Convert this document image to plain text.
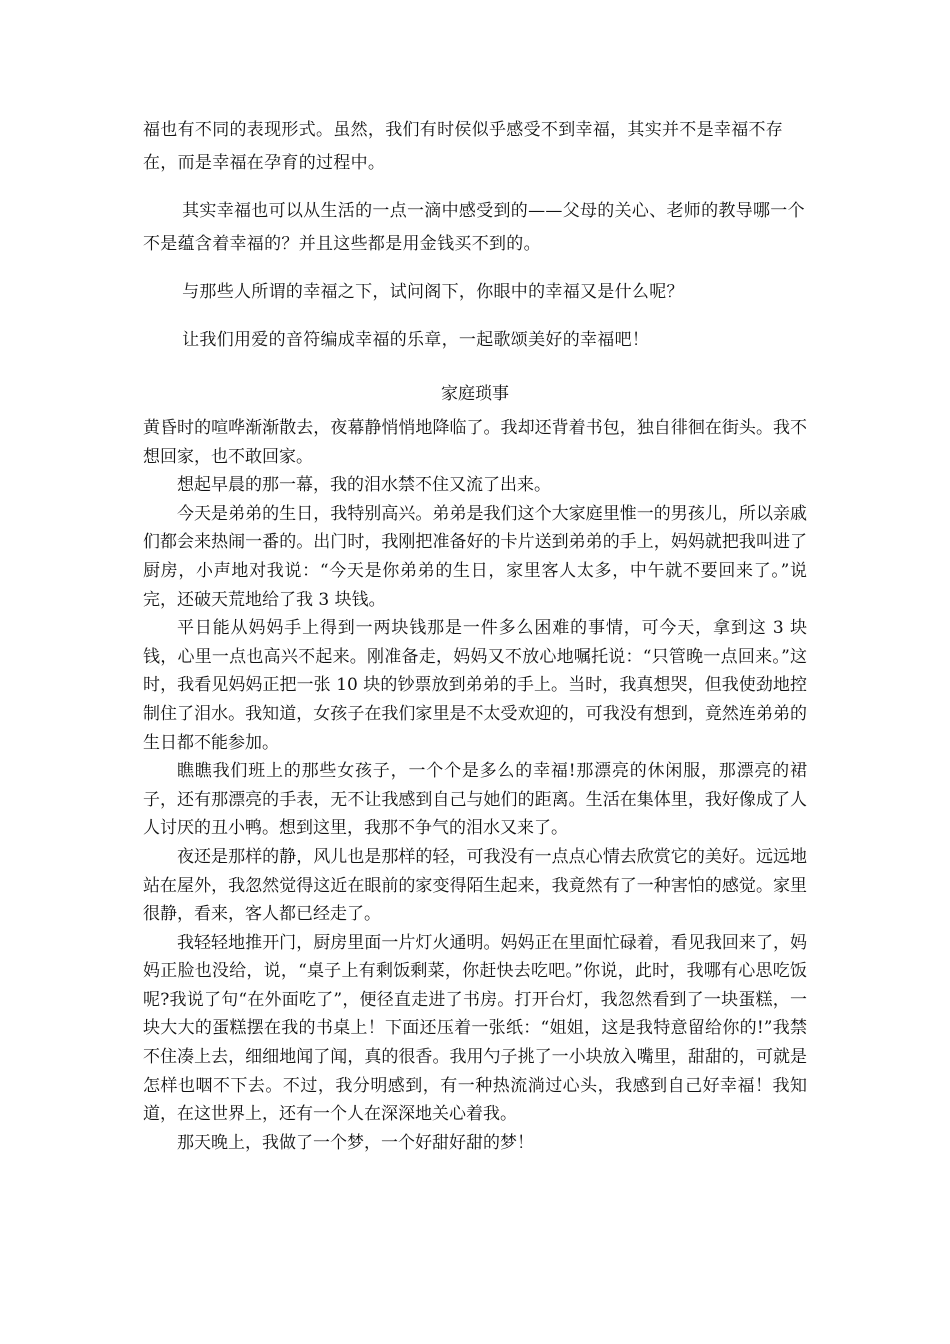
福也有不同的表现形式。虽然，我们有时侯似乎感受不到幸福，其实并不是幸福不存在，而是幸福在孕育的过程中。

其实幸福也可以从生活的一点一滴中感受到的——父母的关心、老师的教导哪一个不是蕴含着幸福的？并且这些都是用金钱买不到的。

与那些人所谓的幸福之下，试问阁下，你眼中的幸福又是什么呢？

让我们用爱的音符编成幸福的乐章，一起歌颂美好的幸福吧！

家庭琐事

黄昏时的喧哗渐渐散去，夜幕静悄悄地降临了。我却还背着书包，独自徘徊在街头。我不想回家，也不敢回家。

想起早晨的那一幕，我的泪水禁不住又流了出来。

今天是弟弟的生日，我特别高兴。弟弟是我们这个大家庭里惟一的男孩儿，所以亲戚们都会来热闹一番的。出门时，我刚把准备好的卡片送到弟弟的手上，妈妈就把我叫进了厨房，小声地对我说：“今天是你弟弟的生日，家里客人太多，中午就不要回来了。”说完，还破天荒地给了我 3 块钱。

平日能从妈妈手上得到一两块钱那是一件多么困难的事情，可今天，拿到这 3 块钱，心里一点也高兴不起来。刚准备走，妈妈又不放心地嘱托说：“只管晚一点回来。”这时，我看见妈妈正把一张 10 块的钞票放到弟弟的手上。当时，我真想哭，但我使劲地控制住了泪水。我知道，女孩子在我们家里是不太受欢迎的，可我没有想到，竟然连弟弟的生日都不能参加。

瞧瞧我们班上的那些女孩子，一个个是多么的幸福!那漂亮的休闲服，那漂亮的裙子，还有那漂亮的手表，无不让我感到自己与她们的距离。生活在集体里，我好像成了人人讨厌的丑小鸭。想到这里，我那不争气的泪水又来了。

夜还是那样的静，风儿也是那样的轻，可我没有一点点心情去欣赏它的美好。远远地站在屋外，我忽然觉得这近在眼前的家变得陌生起来，我竟然有了一种害怕的感觉。家里很静，看来，客人都已经走了。

我轻轻地推开门，厨房里面一片灯火通明。妈妈正在里面忙碌着，看见我回来了，妈妈正脸也没给，说，“桌子上有剩饭剩菜，你赶快去吃吧。”你说，此时，我哪有心思吃饭呢?我说了句“在外面吃了”，便径直走进了书房。打开台灯，我忽然看到了一块蛋糕，一块大大的蛋糕摆在我的书桌上！下面还压着一张纸：“姐姐，这是我特意留给你的!”我禁不住凑上去，细细地闻了闻，真的很香。我用勺子挑了一小块放入嘴里，甜甜的，可就是怎样也咽不下去。不过，我分明感到，有一种热流淌过心头，我感到自己好幸福！我知道，在这世界上，还有一个人在深深地关心着我。

那天晚上，我做了一个梦，一个好甜好甜的梦！
